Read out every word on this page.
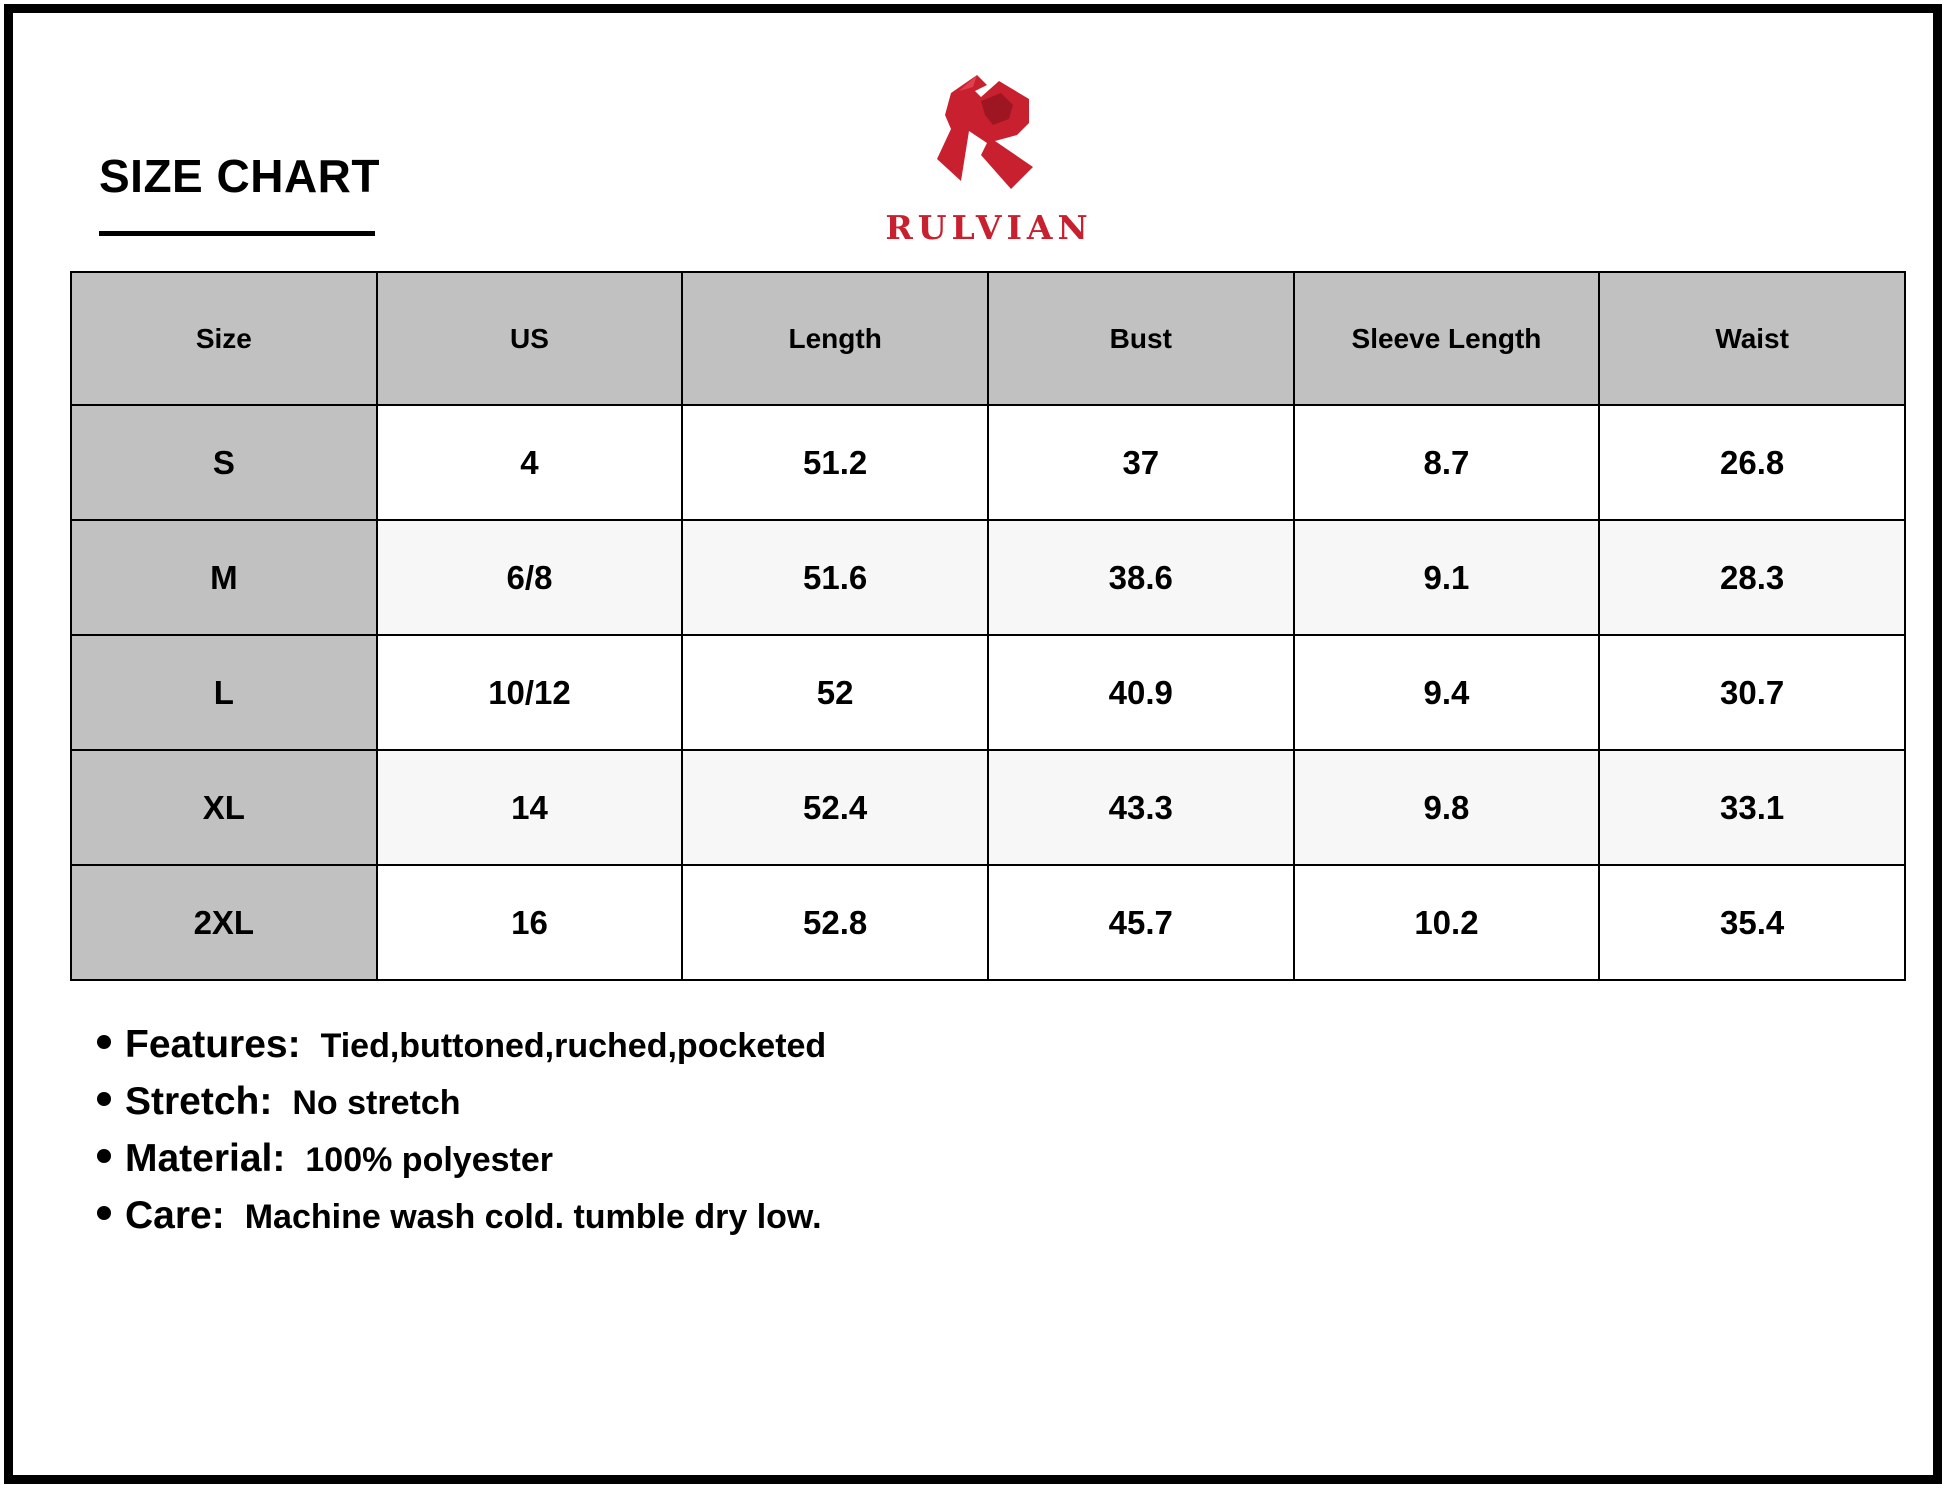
SIZE CHART
RULVIAN
Size	US	Length	Bust	Sleeve Length	Waist
S	4	51.2	37	8.7	26.8
M	6/8	51.6	38.6	9.1	28.3
L	10/12	52	40.9	9.4	30.7
XL	14	52.4	43.3	9.8	33.1
2XL	16	52.8	45.7	10.2	35.4
Features: Tied,buttoned,ruched,pocketed
Stretch: No stretch
Material: 100% polyester
Care: Machine wash cold. tumble dry low.
